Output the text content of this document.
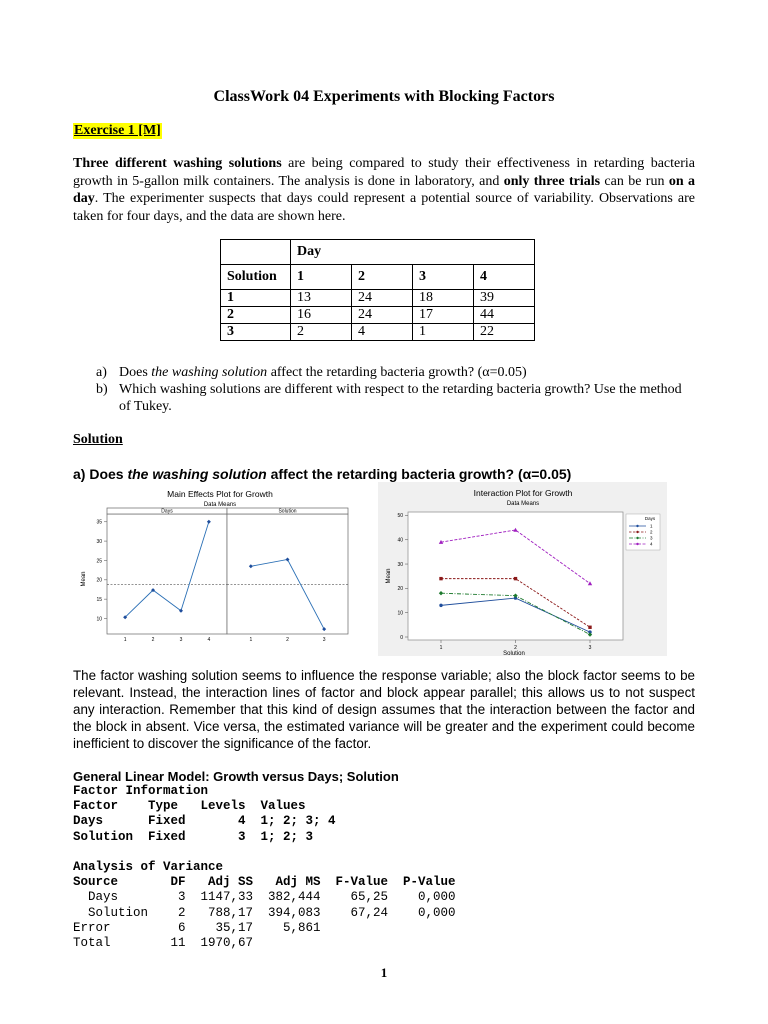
ClassWork 04 Experiments with Blocking Factors
Exercise 1 [M]
Three different washing solutions are being compared to study their effectiveness in retarding bacteria growth in 5-gallon milk containers. The analysis is done in laboratory, and only three trials can be run on a day. The experimenter suspects that days could represent a potential source of variability. Observations are taken for four days, and the data are shown here.
	Day			
Solution	1	2	3	4
1	13	24	18	39
2	16	24	17	44
3	2	4	1	22
a) Does the washing solution affect the retarding bacteria growth? (α=0.05)
b) Which washing solutions are different with respect to the retarding bacteria growth? Use the method of Tukey.
Solution
a) Does the washing solution affect the retarding bacteria growth? (α=0.05)
Main Effects Plot for Growth
Data Means
Mean
Days
1	2	3	4
Solution
1	2	3
10
15
20
25
30
35
Interaction Plot for Growth
Data Means
Mean
Solution
0
10
20
30
40
50
1	2	3
Days
1
2
3
4
The factor washing solution seems to influence the response variable; also the block factor seems to be relevant. Instead, the interaction lines of factor and block appear parallel; this allows us to not suspect any interaction. Remember that this kind of design assumes that the interaction between the factor and the block in absent. Vice versa, the estimated variance will be greater and the experiment could become inefficient to discover the significance of the factor.
General Linear Model: Growth versus Days; Solution
Factor Information
Factor    Type   Levels  Values
Days      Fixed       4  1; 2; 3; 4
Solution  Fixed       3  1; 2; 3
Analysis of Variance
Source       DF   Adj SS   Adj MS  F-Value  P-Value
Days        3  1147,33  382,444    65,25    0,000
Solution    2   788,17  394,083    67,24    0,000
Error         6    35,17    5,861
Total        11  1970,67
1
